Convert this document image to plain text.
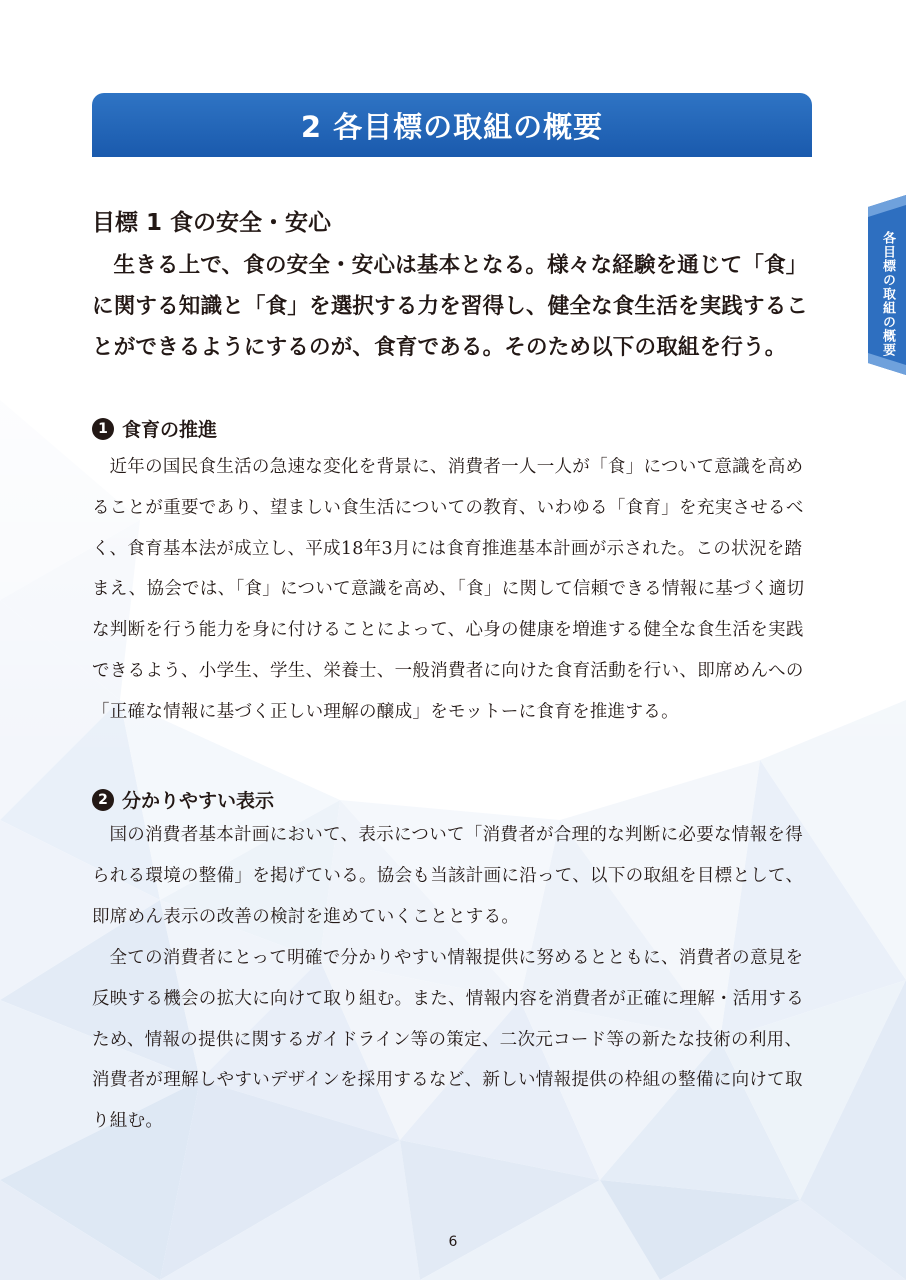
2 各目標の取組の概要
各目標の取組の概要
目標 1 食の安全・安心

生きる上で、食の安全・安心は基本となる。様々な経験を通じて「食」に関する知識と「食」を選択する力を習得し、健全な食生活を実践することができるようにするのが、食育である。そのため以下の取組を行う。

1 食育の推進

近年の国民食生活の急速な変化を背景に、消費者一人一人が「食」について意識を高めることが重要であり、望ましい食生活についての教育、いわゆる「食育」を充実させるべく、食育基本法が成立し、平成18年3月には食育推進基本計画が示された。この状況を踏まえ、協会では、「食」について意識を高め、「食」に関して信頼できる情報に基づく適切な判断を行う能力を身に付けることによって、心身の健康を増進する健全な食生活を実践できるよう、小学生、学生、栄養士、一般消費者に向けた食育活動を行い、即席めんへの「正確な情報に基づく正しい理解の醸成」をモットーに食育を推進する。

2 分かりやすい表示

国の消費者基本計画において、表示について「消費者が合理的な判断に必要な情報を得られる環境の整備」を掲げている。協会も当該計画に沿って、以下の取組を目標として、即席めん表示の改善の検討を進めていくこととする。

全ての消費者にとって明確で分かりやすい情報提供に努めるとともに、消費者の意見を反映する機会の拡大に向けて取り組む。また、情報内容を消費者が正確に理解・活用するため、情報の提供に関するガイドライン等の策定、二次元コード等の新たな技術の利用、消費者が理解しやすいデザインを採用するなど、新しい情報提供の枠組の整備に向けて取り組む。

6
